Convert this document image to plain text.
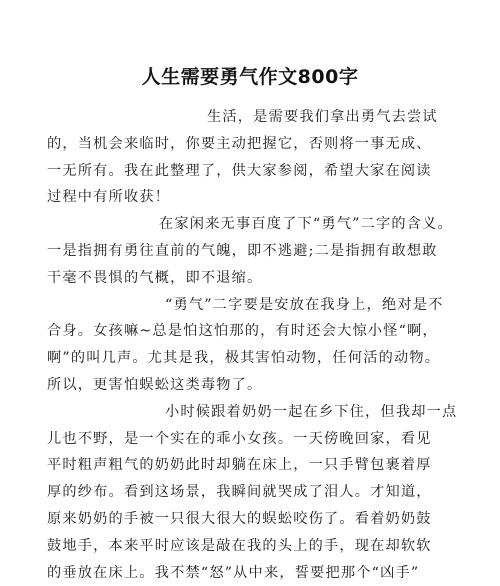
人生需要勇气作文800字

生活，是需要我们拿出勇气去尝试
的，当机会来临时，你要主动把握它，否则将一事无成、
一无所有。我在此整理了，供大家参阅，希望大家在阅读
过程中有所收获！

在家闲来无事百度了下“勇气”二字的含义。
一是指拥有勇往直前的气魄，即不逃避;二是指拥有敢想敢
干毫不畏惧的气概，即不退缩。

“勇气”二字要是安放在我身上，绝对是不
合身。女孩嘛~总是怕这怕那的，有时还会大惊小怪“啊，
啊”的叫几声。尤其是我，极其害怕动物，任何活的动物。
所以，更害怕蜈蚣这类毒物了。

小时候跟着奶奶一起在乡下住，但我却一点
儿也不野，是一个实在的乖小女孩。一天傍晚回家，看见
平时粗声粗气的奶奶此时却躺在床上，一只手臂包裹着厚
厚的纱布。看到这场景，我瞬间就哭成了泪人。才知道，
原来奶奶的手被一只很大很大的蜈蚣咬伤了。看着奶奶鼓
鼓地手，本来平时应该是敲在我的头上的手，现在却软软
的垂放在床上。我不禁“怒”从中来，誓要把那个“凶手”
